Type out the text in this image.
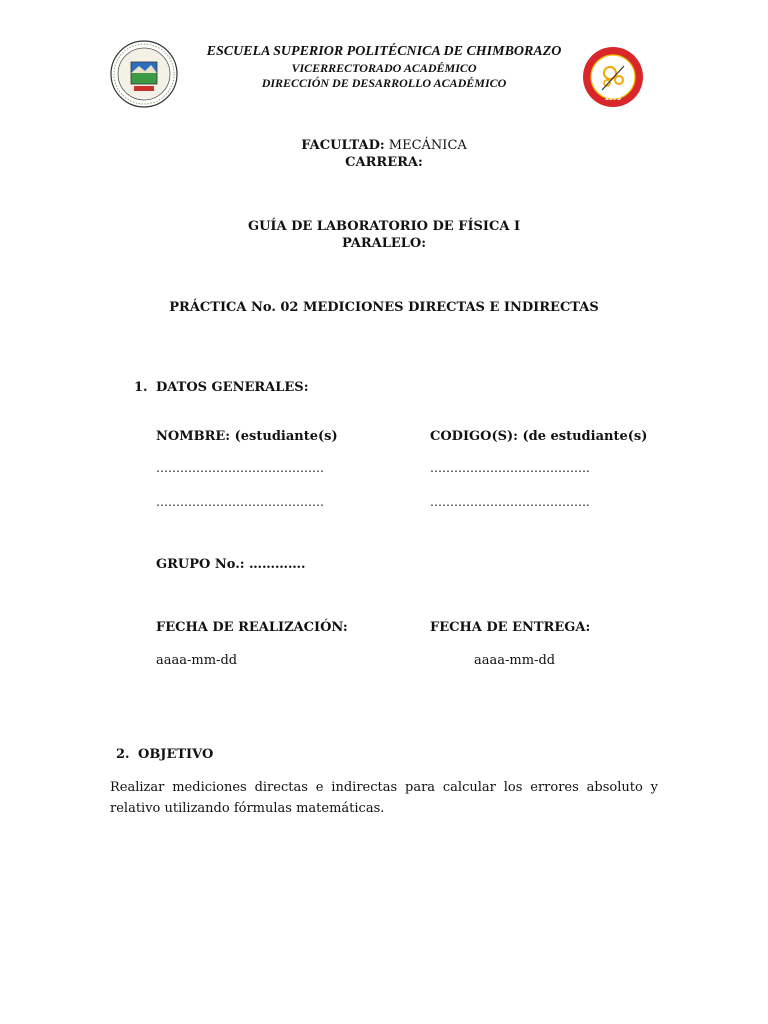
1973
ESCUELA SUPERIOR POLITÉCNICA DE CHIMBORAZO
VICERRECTORADO ACADÉMICO
DIRECCIÓN DE DESARROLLO ACADÉMICO
FACULTAD: MECÁNICA
CARRERA:
GUÍA DE LABORATORIO DE FÍSICA I
PARALELO:
PRÁCTICA No. 02 MEDICIONES DIRECTAS E INDIRECTAS
1. DATOS GENERALES:
NOMBRE: (estudiante(s)	CODIGO(S): (de estudiante(s)
……………………………………	………………………………….
……………………………………	………………………………….
GRUPO No.: ………….
FECHA DE REALIZACIÓN:	FECHA DE ENTREGA:
aaaa-mm-dd	aaaa-mm-dd
2. OBJETIVO
Realizar mediciones directas e indirectas para calcular los errores absoluto y relativo utilizando fórmulas matemáticas.
